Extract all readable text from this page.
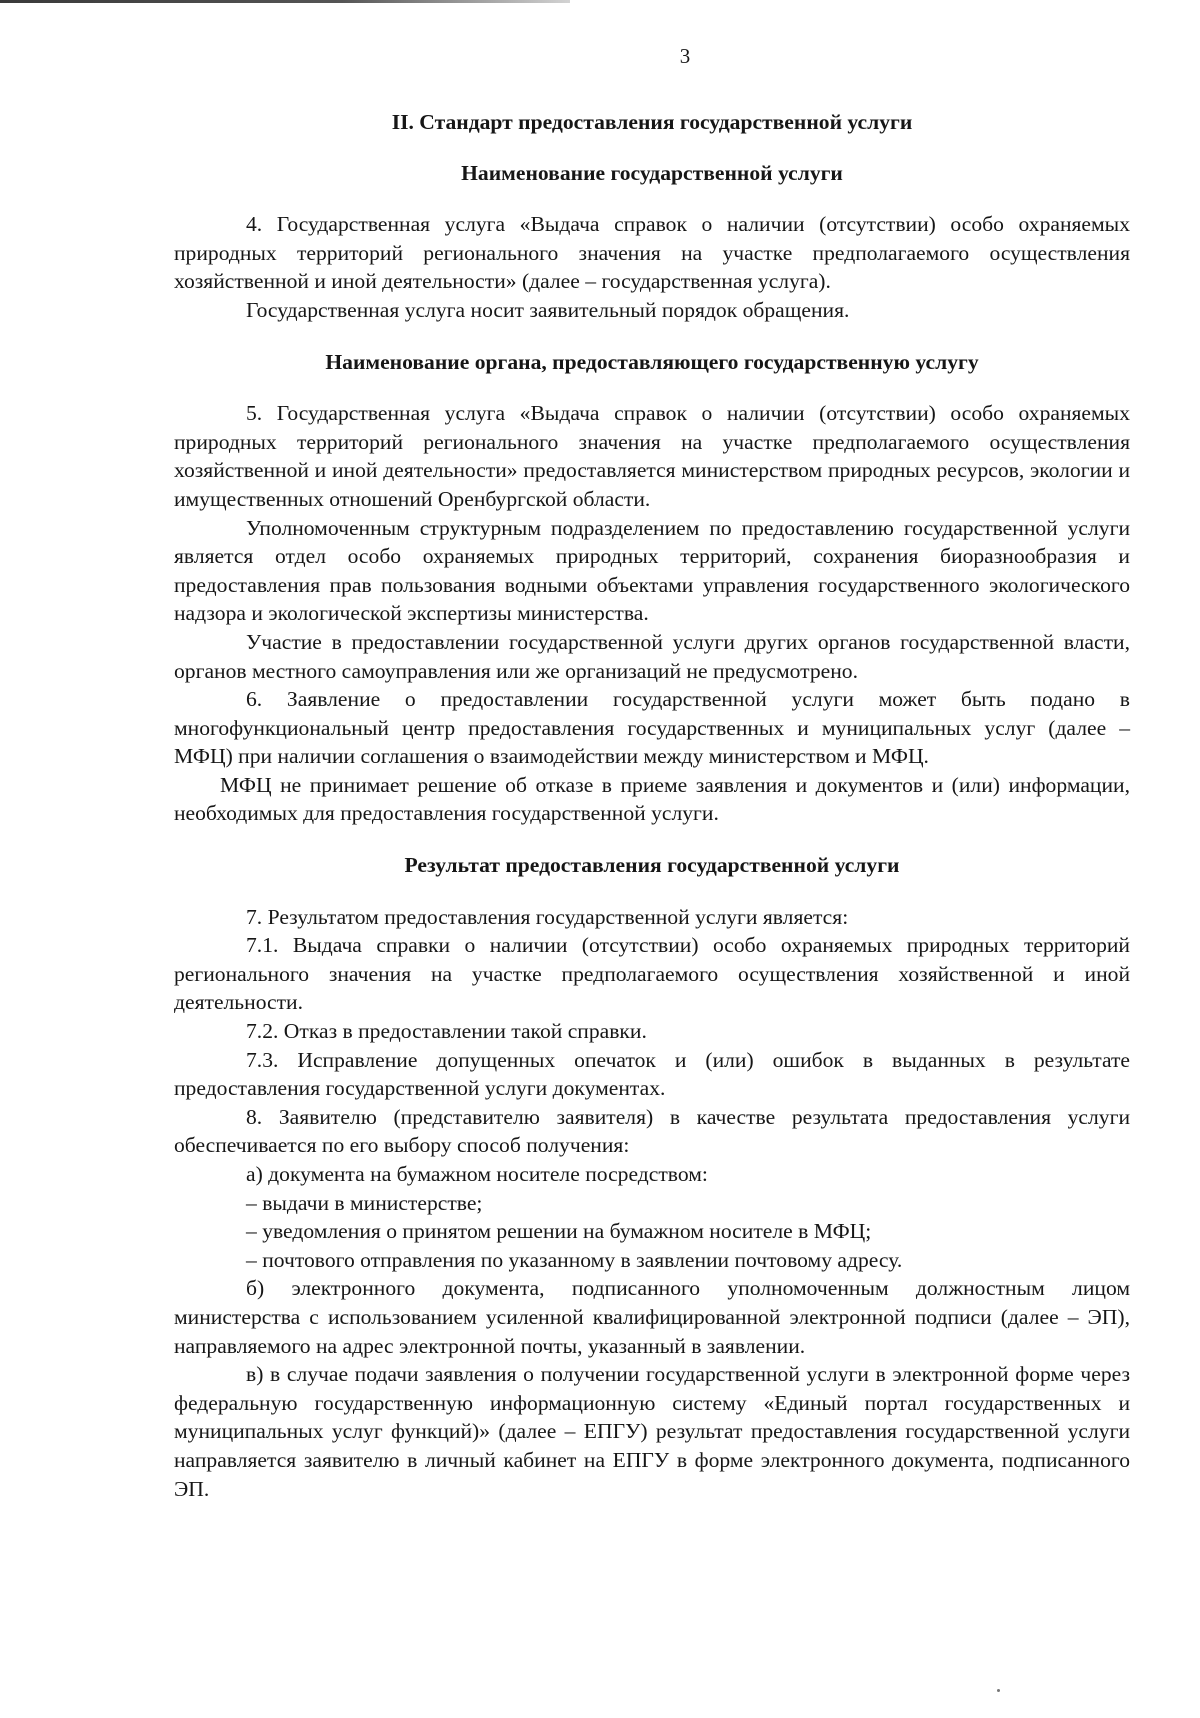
3
II. Стандарт предоставления государственной услуги
Наименование государственной услуги

4. Государственная услуга «Выдача справок о наличии (отсутствии) особо охраняемых природных территорий регионального значения на участке предполагаемого осуществления хозяйственной и иной деятельности» (далее – государственная услуга).

Государственная услуга носит заявительный порядок обращения.

Наименование органа, предоставляющего государственную услугу

5. Государственная услуга «Выдача справок о наличии (отсутствии) особо охраняемых природных территорий регионального значения на участке предполагаемого осуществления хозяйственной и иной деятельности» предоставляется министерством природных ресурсов, экологии и имущественных отношений Оренбургской области.

Уполномоченным структурным подразделением по предоставлению государственной услуги является отдел особо охраняемых природных территорий, сохранения биоразнообразия и предоставления прав пользования водными объектами управления государственного экологического надзора и экологической экспертизы министерства.

Участие в предоставлении государственной услуги других органов государственной власти, органов местного самоуправления или же организаций не предусмотрено.

6. Заявление о предоставлении государственной услуги может быть подано в многофункциональный центр предоставления государственных и муниципальных услуг (далее – МФЦ) при наличии соглашения о взаимодействии между министерством и МФЦ.

МФЦ не принимает решение об отказе в приеме заявления и документов и (или) информации, необходимых для предоставления государственной услуги.

Результат предоставления государственной услуги

7. Результатом предоставления государственной услуги является:

7.1. Выдача справки о наличии (отсутствии) особо охраняемых природных территорий регионального значения на участке предполагаемого осуществления хозяйственной и иной деятельности.

7.2. Отказ в предоставлении такой справки.

7.3. Исправление допущенных опечаток и (или) ошибок в выданных в результате предоставления государственной услуги документах.

8. Заявителю (представителю заявителя) в качестве результата предоставления услуги обеспечивается по его выбору способ получения:

а) документа на бумажном носителе посредством:

– выдачи в министерстве;

– уведомления о принятом решении на бумажном носителе в МФЦ;

– почтового отправления по указанному в заявлении почтовому адресу.

б) электронного документа, подписанного уполномоченным должностным лицом министерства с использованием усиленной квалифицированной электронной подписи (далее – ЭП), направляемого на адрес электронной почты, указанный в заявлении.

в) в случае подачи заявления о получении государственной услуги в электронной форме через федеральную государственную информационную систему «Единый портал государственных и муниципальных услуг функций)» (далее – ЕПГУ) результат предоставления государственной услуги направляется заявителю в личный кабинет на ЕПГУ в форме электронного документа, подписанного ЭП.
